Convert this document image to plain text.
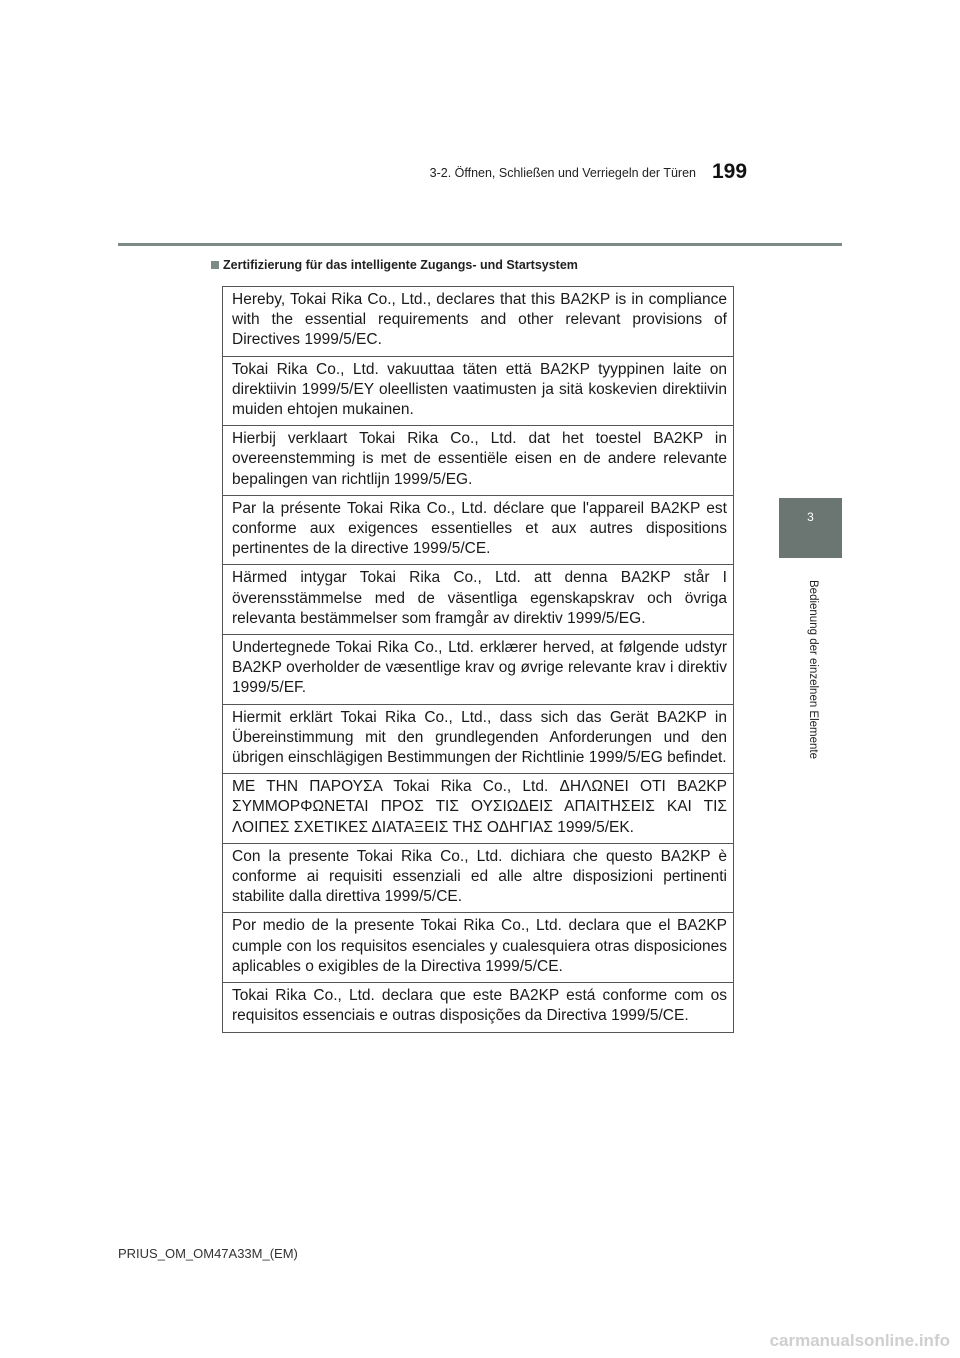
3-2. Öffnen, Schließen und Verriegeln der Türen 199
Zertifizierung für das intelligente Zugangs- und Startsystem
3
Bedienung der einzelnen Elemente
Hereby, Tokai Rika Co., Ltd., declares that this BA2KP is in compliance with the essential requirements and other relevant provisions of Directives 1999/5/EC.
Tokai Rika Co., Ltd. vakuuttaa täten että BA2KP tyyppinen laite on direktiivin 1999/5/EY oleellisten vaatimusten ja sitä koskevien direktiivin muiden ehtojen mukainen.
Hierbij verklaart Tokai Rika Co., Ltd. dat het toestel BA2KP in overeenstemming is met de essentiële eisen en de andere relevante bepalingen van richtlijn 1999/5/EG.
Par la présente Tokai Rika Co., Ltd. déclare que l'appareil BA2KP est conforme aux exigences essentielles et aux autres dispositions pertinentes de la directive 1999/5/CE.
Härmed intygar Tokai Rika Co., Ltd. att denna BA2KP står I överensstämmelse med de väsentliga egenskapskrav och övriga relevanta bestämmelser som framgår av direktiv 1999/5/EG.
Undertegnede Tokai Rika Co., Ltd. erklærer herved, at følgende udstyr BA2KP overholder de væsentlige krav og øvrige relevante krav i direktiv 1999/5/EF.
Hiermit erklärt Tokai Rika Co., Ltd., dass sich das Gerät BA2KP in Übereinstimmung mit den grundlegenden Anforderungen und den übrigen einschlägigen Bestimmungen der Richtlinie 1999/5/EG befindet.
ΜΕ ΤΗΝ ΠΑΡΟΥΣΑ Tokai Rika Co., Ltd. ΔΗΛΩΝΕΙ ΟΤΙ BA2KP ΣΥΜΜΟΡΦΩΝΕΤΑΙ ΠΡΟΣ ΤΙΣ ΟΥΣΙΩΔΕΙΣ ΑΠΑΙΤΗΣΕΙΣ ΚΑΙ ΤΙΣ ΛΟΙΠΕΣ ΣΧΕΤΙΚΕΣ ΔΙΑΤΑΞΕΙΣ ΤΗΣ ΟΔΗΓΙΑΣ 1999/5/ΕΚ.
Con la presente Tokai Rika Co., Ltd. dichiara che questo BA2KP è conforme ai requisiti essenziali ed alle altre disposizioni pertinenti stabilite dalla direttiva 1999/5/CE.
Por medio de la presente Tokai Rika Co., Ltd. declara que el BA2KP cumple con los requisitos esenciales y cualesquiera otras disposiciones aplicables o exigibles de la Directiva 1999/5/CE.
Tokai Rika Co., Ltd. declara que este BA2KP está conforme com os requisitos essenciais e outras disposições da Directiva 1999/5/CE.
PRIUS_OM_OM47A33M_(EM)
carmanualsonline.info
